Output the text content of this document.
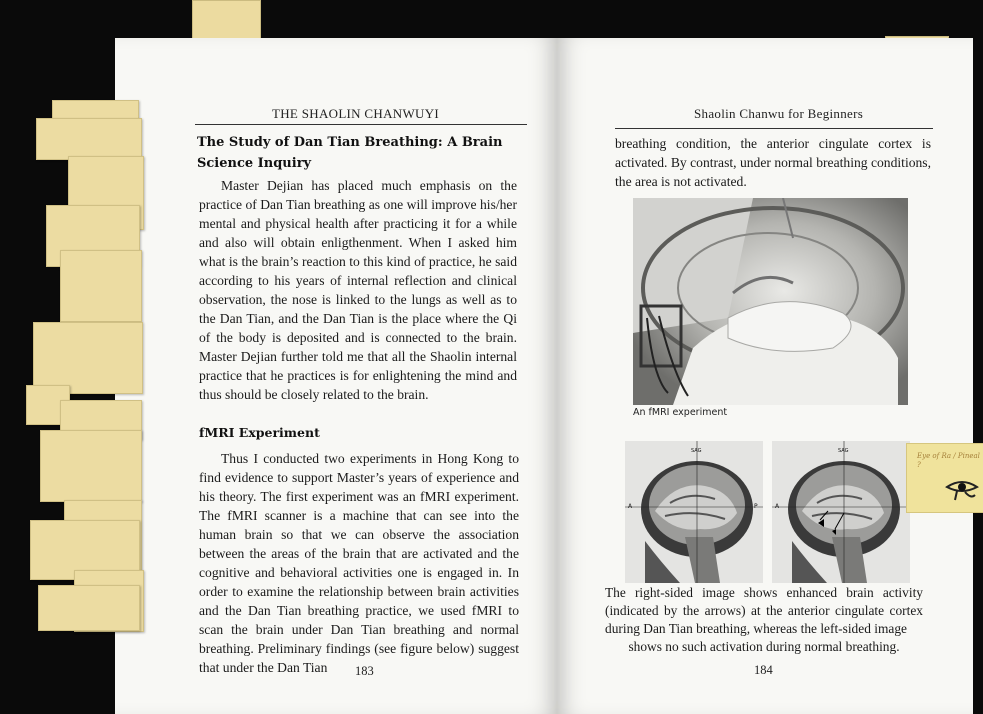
THE SHAOLIN CHANWUYI
The Study of Dan Tian Breathing: A Brain Science Inquiry

Master Dejian has placed much emphasis on the practice of Dan Tian breathing as one will improve his/her mental and physical health after practicing it for a while and also will obtain enligthenment. When I asked him what is the brain’s reaction to this kind of practice, he said according to his years of internal reflection and clinical observation, the nose is linked to the lungs as well as to the Dan Tian, and the Dan Tian is the place where the Qi of the body is deposited and is connected to the brain. Master Dejian further told me that all the Shaolin internal practice that he practices is for enlightening the mind and thus should be closely related to the brain.

fMRI Experiment

Thus I conducted two experiments in Hong Kong to find evidence to support Master’s years of experience and his theory. The first experiment was an fMRI experiment. The fMRI scanner is a machine that can see into the human brain so that we can observe the association between the areas of the brain that are activated and the cognitive and behavioral activities one is engaged in. In order to examine the relationship between brain activities and the Dan Tian breathing practice, we used fMRI to scan the brain under Dan Tian breathing and normal breathing. Preliminary findings (see figure below) suggest that under the Dan Tian	183
Shaolin Chanwu for Beginners

breathing condition, the anterior cingulate cortex is activated. By contrast, under normal breathing conditions, the area is not activated.

184
An fMRI experiment
SAG
A	P
SAG
A
The right-sided image shows enhanced brain activity (indicated by the arrows) at the anterior cingulate cortex during Dan Tian breathing, whereas the left-sided image
shows no such activation during normal breathing.
Eye of Ra / Pineal ?
